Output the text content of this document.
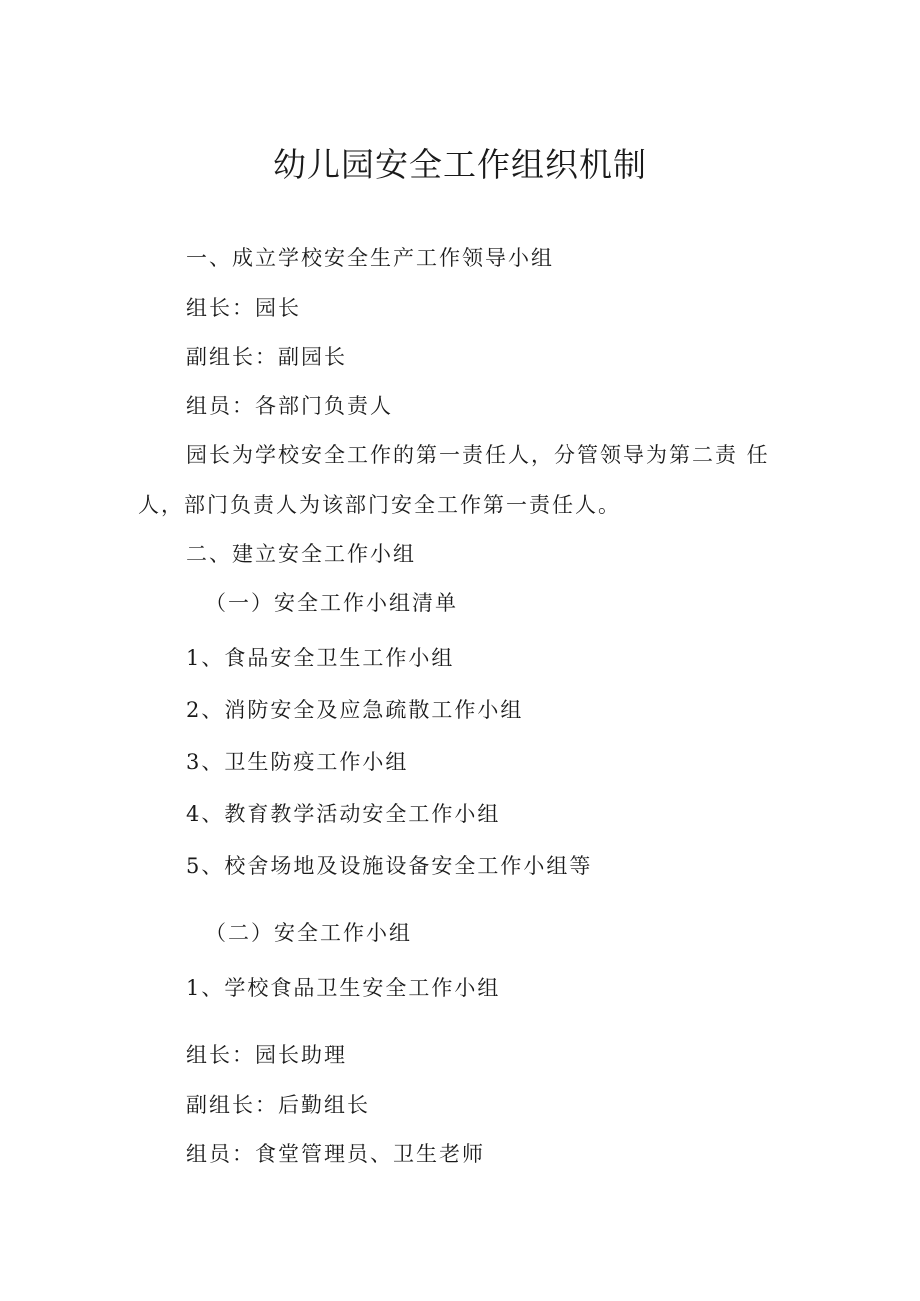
幼儿园安全工作组织机制
一、成立学校安全生产工作领导小组
组长：园长
副组长：副园长
组员：各部门负责人
园长为学校安全工作的第一责任人，分管领导为第二责 任
人，部门负责人为该部门安全工作第一责任人。
二、建立安全工作小组
（一）安全工作小组清单
1、食品安全卫生工作小组
2、消防安全及应急疏散工作小组
3、卫生防疫工作小组
4、教育教学活动安全工作小组
5、校舍场地及设施设备安全工作小组等
（二）安全工作小组
1、学校食品卫生安全工作小组
组长：园长助理
副组长：后勤组长
组员：食堂管理员、卫生老师
